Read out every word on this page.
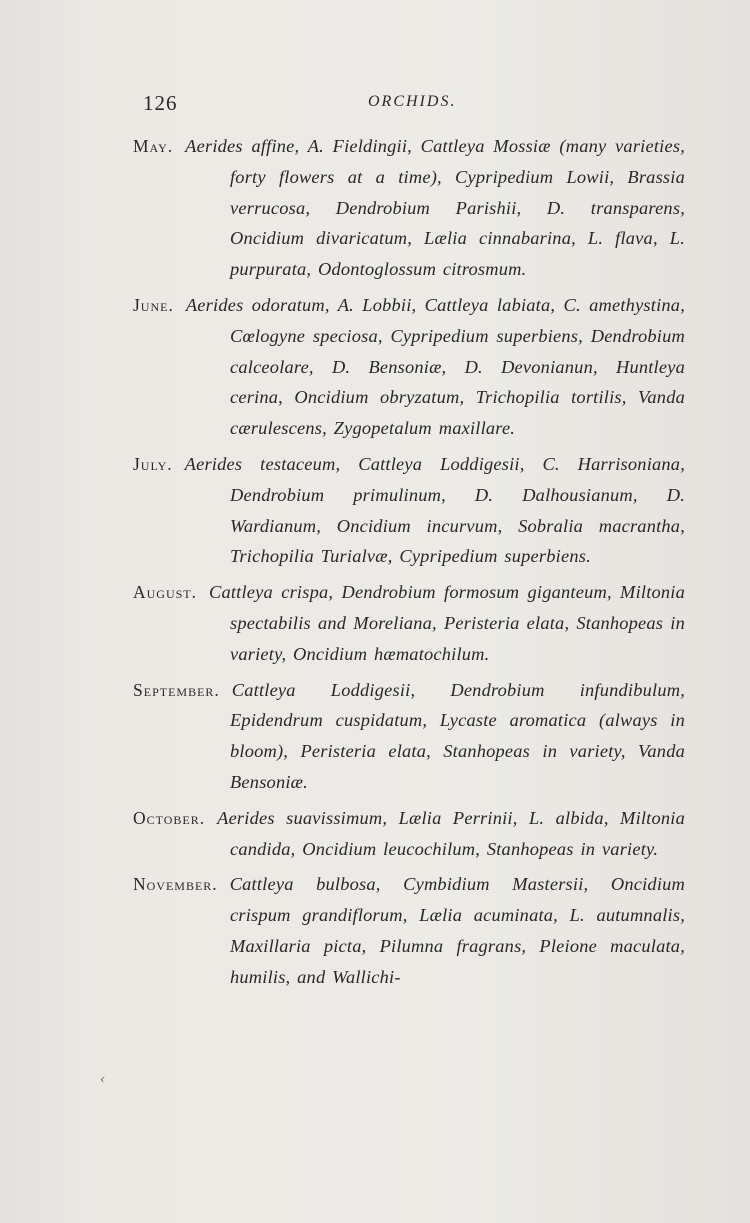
126	ORCHIDS.

May. Aerides affine, A. Fieldingii, Cattleya Mossiæ (many varieties, forty flowers at a time), Cypripedium Lowii, Brassia verrucosa, Dendrobium Parishii, D. transparens, Oncidium divaricatum, Lælia cinnabarina, L. flava, L. purpurata, Odontoglossum citrosmum.

June. Aerides odoratum, A. Lobbii, Cattleya labiata, C. amethystina, Cœlogyne speciosa, Cypripedium superbiens, Dendrobium calceolare, D. Bensoniæ, D. Devonianun, Huntleya cerina, Oncidium obryzatum, Trichopilia tortilis, Vanda cærulescens, Zygopetalum maxillare.

July. Aerides testaceum, Cattleya Loddigesii, C. Harrisoniana, Dendrobium primulinum, D. Dalhousianum, D. Wardianum, Oncidium incurvum, Sobralia macrantha, Trichopilia Turialvæ, Cypripedium superbiens.

August. Cattleya crispa, Dendrobium formosum giganteum, Miltonia spectabilis and Moreliana, Peristeria elata, Stanhopeas in variety, Oncidium hæmatochilum.

September. Cattleya Loddigesii, Dendrobium infundibulum, Epidendrum cuspidatum, Lycaste aromatica (always in bloom), Peristeria elata, Stanhopeas in variety, Vanda Bensoniæ.

October. Aerides suavissimum, Lælia Perrinii, L. albida, Miltonia candida, Oncidium leucochilum, Stanhopeas in variety.

November. Cattleya bulbosa, Cymbidium Mastersii, Oncidium crispum grandiflorum, Lælia acuminata, L. autumnalis, Maxillaria picta, Pilumna fragrans, Pleione maculata, humilis, and Wallichi-

‹
